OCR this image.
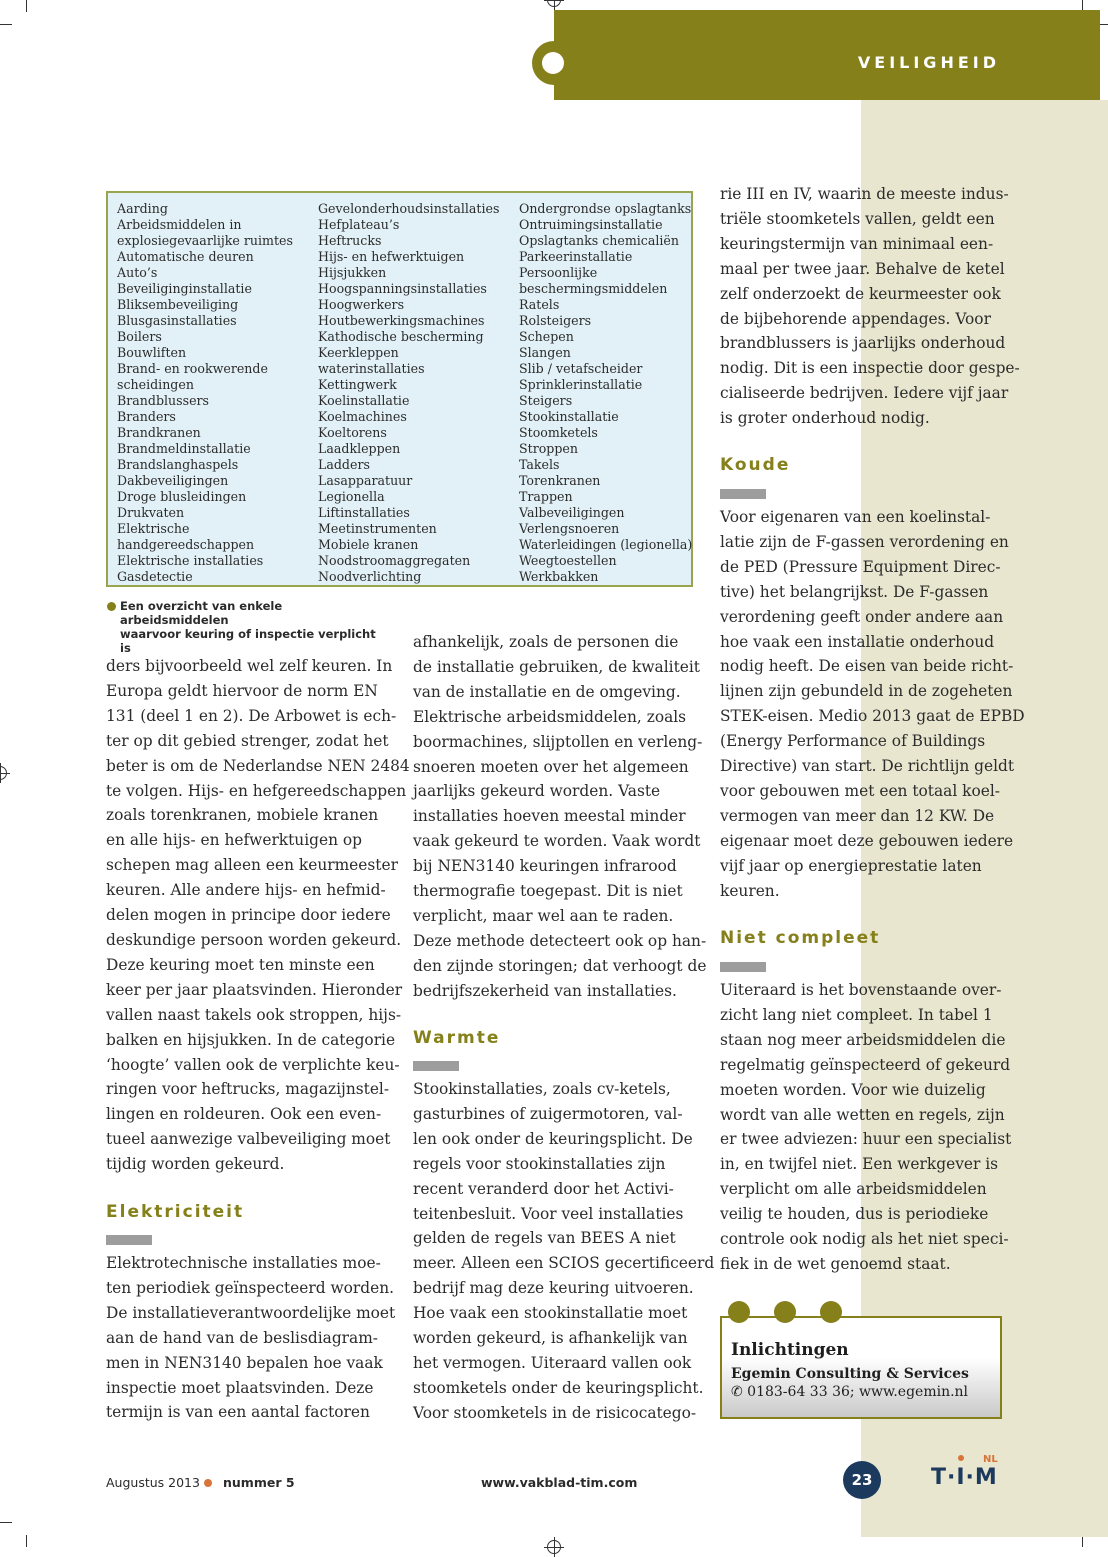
VEILIGHEID
Aarding
Arbeidsmiddelen in
explosiegevaarlijke ruimtes
Automatische deuren
Auto’s
Beveiliginginstallatie
Bliksembeveiliging
Blusgasinstallaties
Boilers
Bouwliften
Brand- en rookwerende
scheidingen
Brandblussers
Branders
Brandkranen
Brandmeldinstallatie
Brandslanghaspels
Dakbeveiligingen
Droge blusleidingen
Drukvaten
Elektrische
handgereedschappen
Elektrische installaties
Gasdetectie
Gevelonderhoudsinstallaties
Hefplateau’s
Heftrucks
Hijs- en hefwerktuigen
Hijsjukken
Hoogspanningsinstallaties
Hoogwerkers
Houtbewerkingsmachines
Kathodische bescherming
Keerkleppen
waterinstallaties
Kettingwerk
Koelinstallatie
Koelmachines
Koeltorens
Laadkleppen
Ladders
Lasapparatuur
Legionella
Liftinstallaties
Meetinstrumenten
Mobiele kranen
Noodstroomaggregaten
Noodverlichting
Ondergrondse opslagtanks
Ontruimingsinstallatie
Opslagtanks chemicaliën
Parkeerinstallatie
Persoonlijke
beschermingsmiddelen
Ratels
Rolsteigers
Schepen
Slangen
Slib / vetafscheider
Sprinklerinstallatie
Steigers
Stookinstallatie
Stoomketels
Stroppen
Takels
Torenkranen
Trappen
Valbeveiligingen
Verlengsnoeren
Waterleidingen (legionella)
Weegtoestellen
Werkbakken
Een overzicht van enkele arbeidsmiddelen
waarvoor keuring of inspectie verplicht is
ders bijvoorbeeld wel zelf keuren. In
Europa geldt hiervoor de norm EN
131 (deel 1 en 2). De Arbowet is ech-
ter op dit gebied strenger, zodat het
beter is om de Nederlandse NEN 2484
te volgen. Hijs- en hefgereedschappen
zoals torenkranen, mobiele kranen
en alle hijs- en hefwerktuigen op
schepen mag alleen een keurmeester
keuren. Alle andere hijs- en hefmid-
delen mogen in principe door iedere
deskundige persoon worden gekeurd.
Deze keuring moet ten minste een
keer per jaar plaatsvinden. Hieronder
vallen naast takels ook stroppen, hijs-
balken en hijsjukken. In de categorie
‘hoogte’ vallen ook de verplichte keu-
ringen voor heftrucks, magazijnstel-
lingen en roldeuren. Ook een even-
tueel aanwezige valbeveiliging moet
tijdig worden gekeurd.
Elektriciteit
Elektrotechnische installaties moe-
ten periodiek geïnspecteerd worden.
De installatieverantwoordelijke moet
aan de hand van de beslisdiagram-
men in NEN3140 bepalen hoe vaak
inspectie moet plaatsvinden. Deze
termijn is van een aantal factoren
afhankelijk, zoals de personen die
de installatie gebruiken, de kwaliteit
van de installatie en de omgeving.
Elektrische arbeidsmiddelen, zoals
boormachines, slijptollen en verleng-
snoeren moeten over het algemeen
jaarlijks gekeurd worden. Vaste
installaties hoeven meestal minder
vaak gekeurd te worden. Vaak wordt
bij NEN3140 keuringen infrarood
thermografie toegepast. Dit is niet
verplicht, maar wel aan te raden.
Deze methode detecteert ook op han-
den zijnde storingen; dat verhoogt de
bedrijfszekerheid van installaties.
Warmte
Stookinstallaties, zoals cv-ketels,
gasturbines of zuigermotoren, val-
len ook onder de keuringsplicht. De
regels voor stookinstallaties zijn
recent veranderd door het Activi-
teitenbesluit. Voor veel installaties
gelden de regels van BEES A niet
meer. Alleen een SCIOS gecertificeerd
bedrijf mag deze keuring uitvoeren.
Hoe vaak een stookinstallatie moet
worden gekeurd, is afhankelijk van
het vermogen. Uiteraard vallen ook
stoomketels onder de keuringsplicht.
Voor stoomketels in de risicocatego-
rie III en IV, waarin de meeste indus-
triële stoomketels vallen, geldt een
keuringstermijn van minimaal een-
maal per twee jaar. Behalve de ketel
zelf onderzoekt de keurmeester ook
de bijbehorende appendages. Voor
brandblussers is jaarlijks onderhoud
nodig. Dit is een inspectie door gespe-
cialiseerde bedrijven. Iedere vijf jaar
is groter onderhoud nodig.
Koude
Voor eigenaren van een koelinstal-
latie zijn de F-gassen verordening en
de PED (Pressure Equipment Direc-
tive) het belangrijkst. De F-gassen
verordening geeft onder andere aan
hoe vaak een installatie onderhoud
nodig heeft. De eisen van beide richt-
lijnen zijn gebundeld in de zogeheten
STEK-eisen. Medio 2013 gaat de EPBD
(Energy Performance of Buildings
Directive) van start. De richtlijn geldt
voor gebouwen met een totaal koel-
vermogen van meer dan 12 KW. De
eigenaar moet deze gebouwen iedere
vijf jaar op energieprestatie laten
keuren.
Niet compleet
Uiteraard is het bovenstaande over-
zicht lang niet compleet. In tabel 1
staan nog meer arbeidsmiddelen die
regelmatig geïnspecteerd of gekeurd
moeten worden. Voor wie duizelig
wordt van alle wetten en regels, zijn
er twee adviezen: huur een specialist
in, en twijfel niet. Een werkgever is
verplicht om alle arbeidsmiddelen
veilig te houden, dus is periodieke
controle ook nodig als het niet speci-
fiek in de wet genoemd staat.
Inlichtingen
Egemin Consulting & Services
✆ 0183-64 33 36; www.egemin.nl
Augustus 2013 nummer 5	www.vakblad-tim.com	23	T·I·M
NL
